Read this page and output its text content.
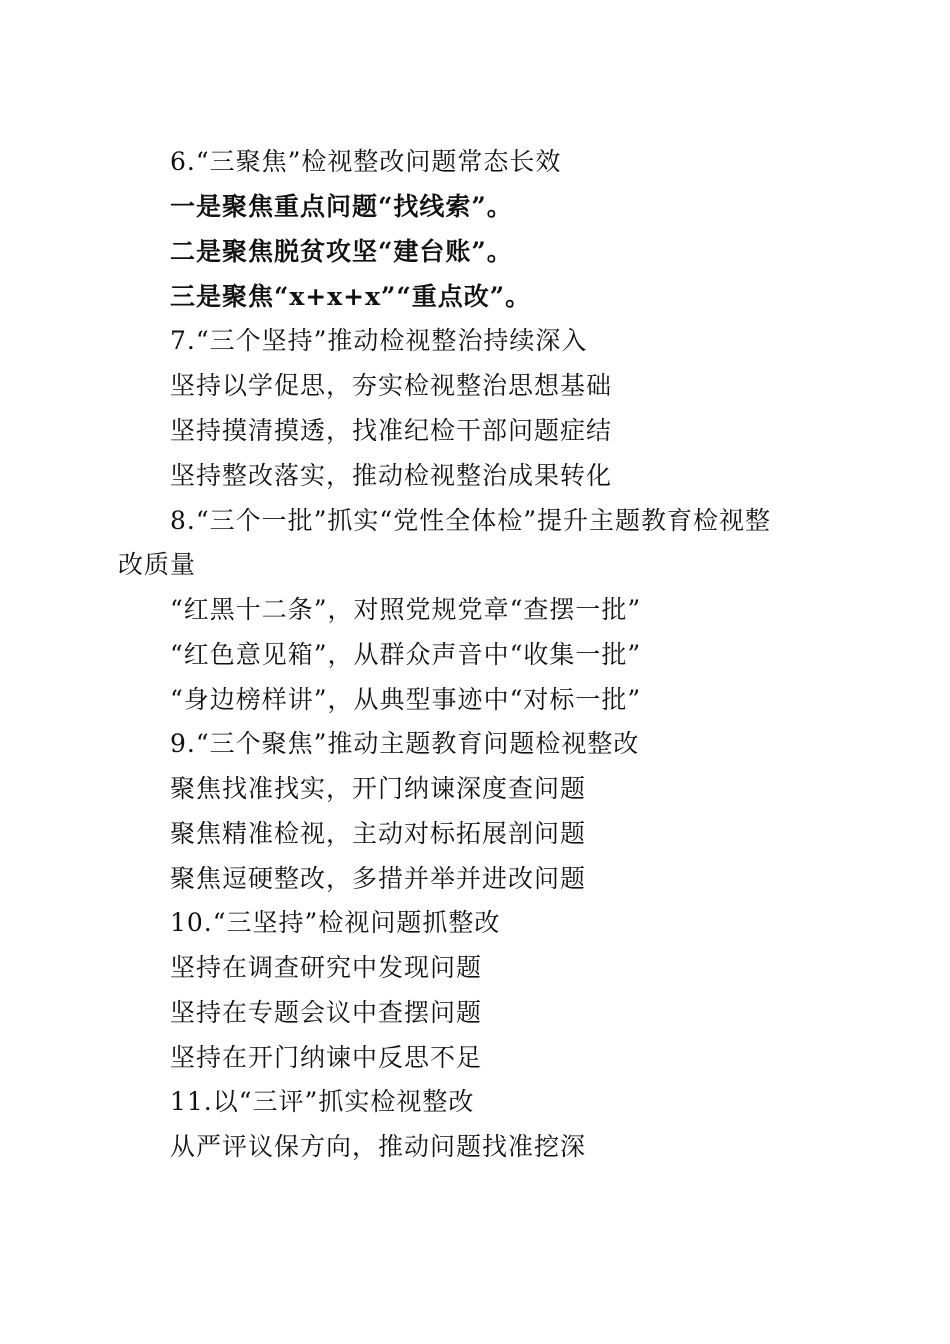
6.“三聚焦”检视整改问题常态长效
一是聚焦重点问题“找线索”。
二是聚焦脱贫攻坚“建台账”。
三是聚焦“x+x+x”“重点改”。
7.“三个坚持”推动检视整治持续深入
坚持以学促思，夯实检视整治思想基础
坚持摸清摸透，找准纪检干部问题症结
坚持整改落实，推动检视整治成果转化
8.“三个一批”抓实“党性全体检”提升主题教育检视整
改质量
“红黑十二条”，对照党规党章“查摆一批”
“红色意见箱”，从群众声音中“收集一批”
“身边榜样讲”，从典型事迹中“对标一批”
9.“三个聚焦”推动主题教育问题检视整改
聚焦找准找实，开门纳谏深度查问题
聚焦精准检视，主动对标拓展剖问题
聚焦逗硬整改，多措并举并进改问题
10.“三坚持”检视问题抓整改
坚持在调查研究中发现问题
坚持在专题会议中查摆问题
坚持在开门纳谏中反思不足
11.以“三评”抓实检视整改
从严评议保方向，推动问题找准挖深
